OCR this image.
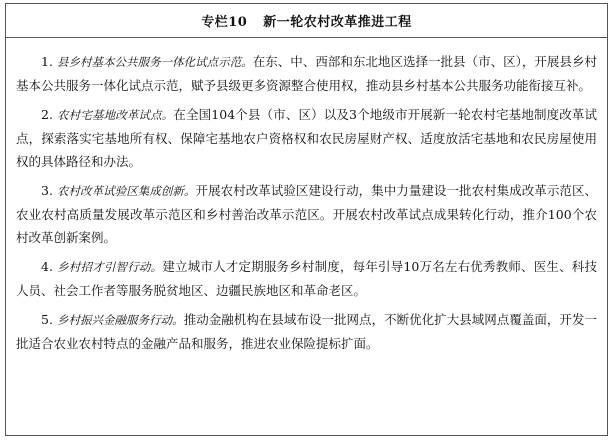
专栏10 新一轮农村改革推进工程

1. 县乡村基本公共服务一体化试点示范。在东、中、西部和东北地区选择一批县（市、区），开展县乡村基本公共服务一体化试点示范，赋予县级更多资源整合使用权，推动县乡村基本公共服务功能衔接互补。

2. 农村宅基地改革试点。在全国104个县（市、区）以及3个地级市开展新一轮农村宅基地制度改革试点，探索落实宅基地所有权、保障宅基地农户资格权和农民房屋财产权、适度放活宅基地和农民房屋使用权的具体路径和办法。

3. 农村改革试验区集成创新。开展农村改革试验区建设行动，集中力量建设一批农村集成改革示范区、农业农村高质量发展改革示范区和乡村善治改革示范区。开展农村改革试点成果转化行动，推介100个农村改革创新案例。

4. 乡村招才引智行动。建立城市人才定期服务乡村制度，每年引导10万名左右优秀教师、医生、科技人员、社会工作者等服务脱贫地区、边疆民族地区和革命老区。

5. 乡村振兴金融服务行动。推动金融机构在县域布设一批网点，不断优化扩大县域网点覆盖面，开发一批适合农业农村特点的金融产品和服务，推进农业保险提标扩面。
